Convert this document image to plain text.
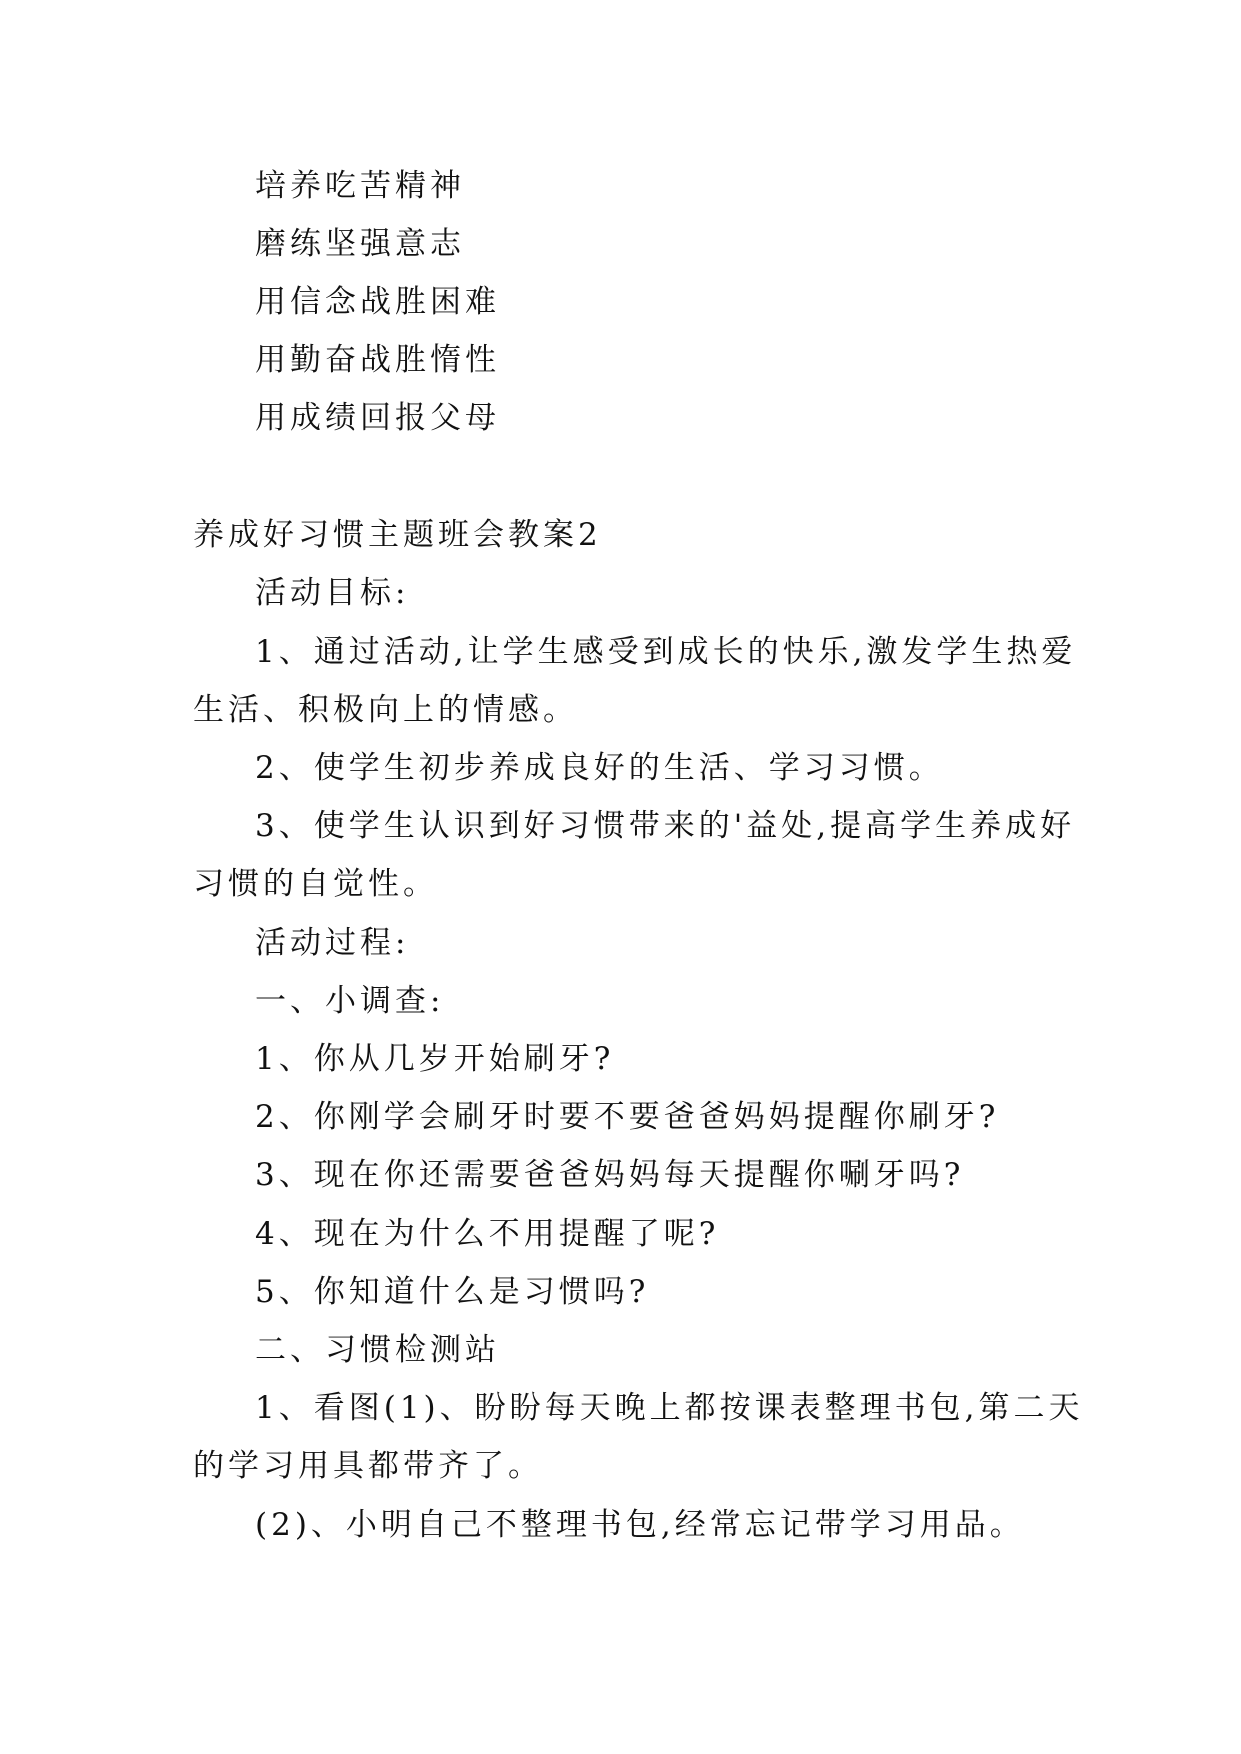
培养吃苦精神
磨练坚强意志
用信念战胜困难
用勤奋战胜惰性
用成绩回报父母
养成好习惯主题班会教案2
活动目标:
1、通过活动,让学生感受到成长的快乐,激发学生热爱
生活、积极向上的情感。
2、使学生初步养成良好的生活、学习习惯。
3、使学生认识到好习惯带来的'益处,提高学生养成好
习惯的自觉性。
活动过程:
一、小调查:
1、你从几岁开始刷牙?
2、你刚学会刷牙时要不要爸爸妈妈提醒你刷牙?
3、现在你还需要爸爸妈妈每天提醒你唰牙吗?
4、现在为什么不用提醒了呢?
5、你知道什么是习惯吗?
二、习惯检测站
1、看图(1)、盼盼每天晚上都按课表整理书包,第二天
的学习用具都带齐了。
(2)、小明自己不整理书包,经常忘记带学习用品。
